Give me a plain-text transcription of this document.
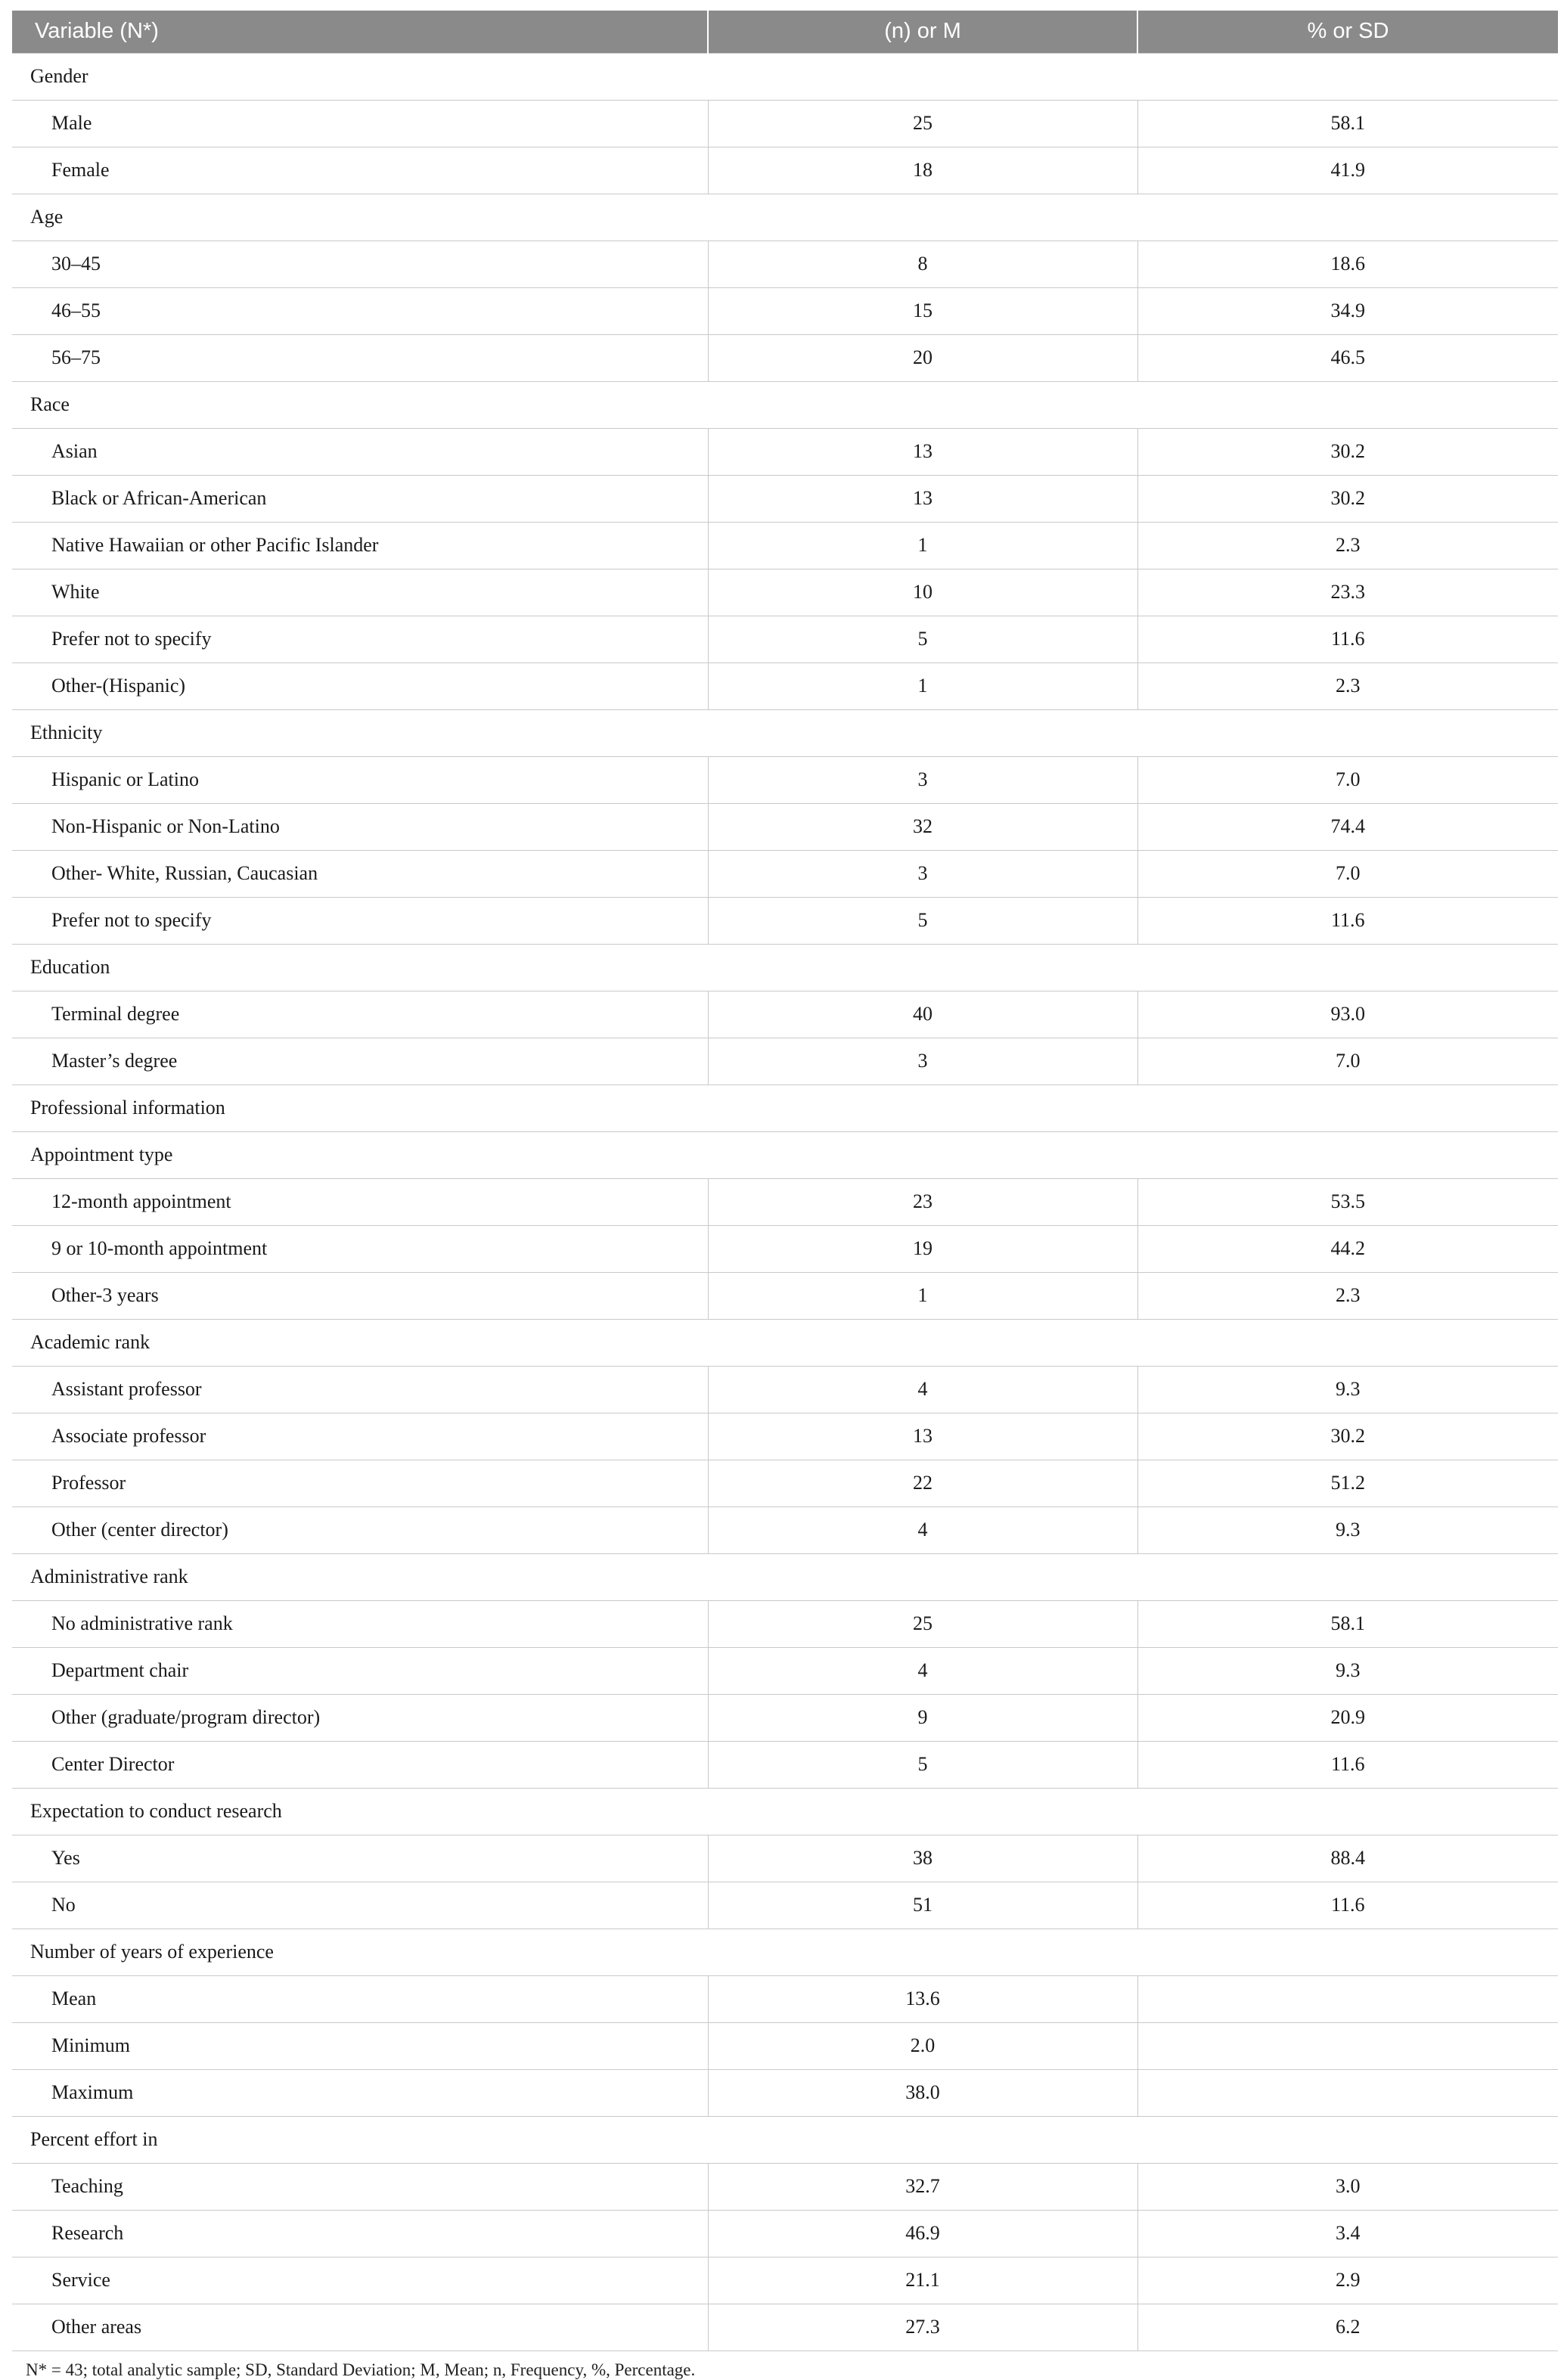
Variable (N*)	(n) or M	% or SD
Gender		
Male	25	58.1
Female	18	41.9
Age		
30–45	8	18.6
46–55	15	34.9
56–75	20	46.5
Race		
Asian	13	30.2
Black or African-American	13	30.2
Native Hawaiian or other Pacific Islander	1	2.3
White	10	23.3
Prefer not to specify	5	11.6
Other-(Hispanic)	1	2.3
Ethnicity		
Hispanic or Latino	3	7.0
Non-Hispanic or Non-Latino	32	74.4
Other- White, Russian, Caucasian	3	7.0
Prefer not to specify	5	11.6
Education		
Terminal degree	40	93.0
Master’s degree	3	7.0
Professional information		
Appointment type		
12-month appointment	23	53.5
9 or 10-month appointment	19	44.2
Other-3 years	1	2.3
Academic rank		
Assistant professor	4	9.3
Associate professor	13	30.2
Professor	22	51.2
Other (center director)	4	9.3
Administrative rank		
No administrative rank	25	58.1
Department chair	4	9.3
Other (graduate/program director)	9	20.9
Center Director	5	11.6
Expectation to conduct research		
Yes	38	88.4
No	51	11.6
Number of years of experience		
Mean	13.6	
Minimum	2.0	
Maximum	38.0	
Percent effort in		
Teaching	32.7	3.0
Research	46.9	3.4
Service	21.1	2.9
Other areas	27.3	6.2
N* = 43; total analytic sample; SD, Standard Deviation; M, Mean; n, Frequency, %, Percentage.
